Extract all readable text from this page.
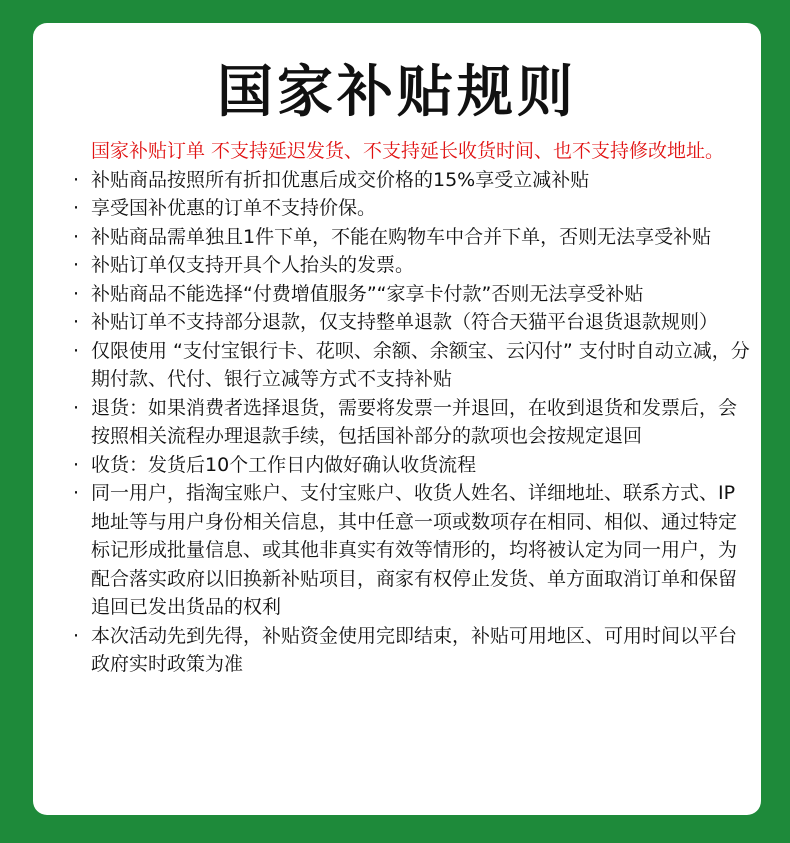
国家补贴规则
国家补贴订单 不支持延迟发货、不支持延长收货时间、也不支持修改地址。
· 补贴商品按照所有折扣优惠后成交价格的15%享受立减补贴
· 享受国补优惠的订单不支持价保。
· 补贴商品需单独且1件下单，不能在购物车中合并下单，否则无法享受补贴
· 补贴订单仅支持开具个人抬头的发票。
· 补贴商品不能选择“付费增值服务”“家享卡付款”否则无法享受补贴
· 补贴订单不支持部分退款，仅支持整单退款（符合天猫平台退货退款规则）
· 仅限使用 “支付宝银行卡、花呗、余额、余额宝、云闪付” 支付时自动立减，分期付款、代付、银行立减等方式不支持补贴
· 退货：如果消费者选择退货，需要将发票一并退回，在收到退货和发票后，会按照相关流程办理退款手续，包括国补部分的款项也会按规定退回
· 收货：发货后10个工作日内做好确认收货流程
· 同一用户，指淘宝账户、支付宝账户、收货人姓名、详细地址、联系方式、IP地址等与用户身份相关信息，其中任意一项或数项存在相同、相似、通过特定标记形成批量信息、或其他非真实有效等情形的，均将被认定为同一用户，为配合落实政府以旧换新补贴项目，商家有权停止发货、单方面取消订单和保留追回已发出货品的权利
· 本次活动先到先得，补贴资金使用完即结束，补贴可用地区、可用时间以平台政府实时政策为准
